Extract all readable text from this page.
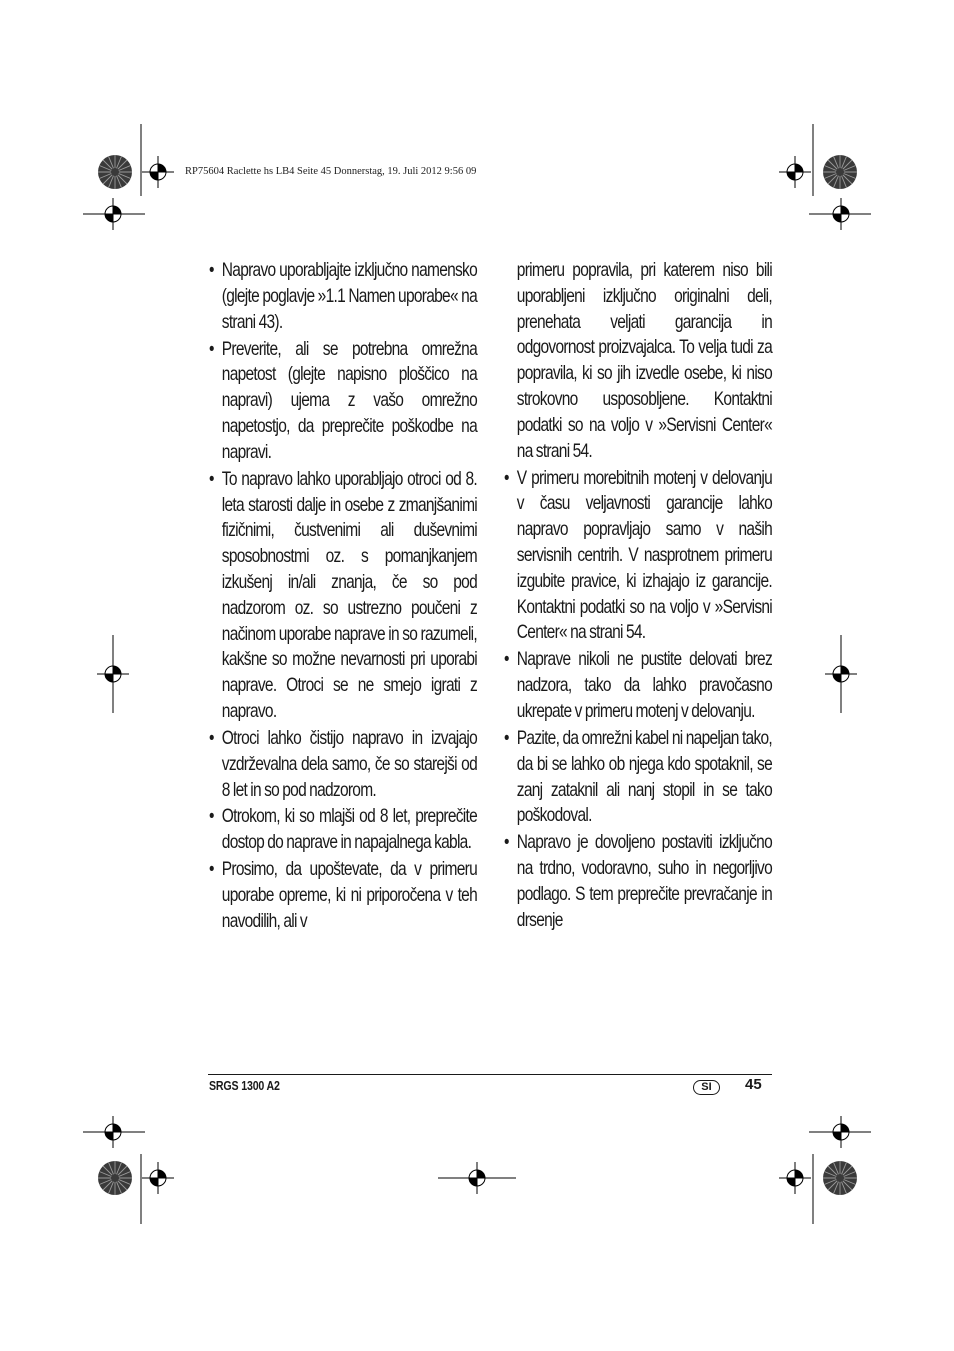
RP75604 Raclette hs LB4 Seite 45 Donnerstag, 19. Juli 2012 9:56 09

• Napravo uporabljajte izključno namensko (glejte poglavje »1.1 Namen uporabe« na strani 43).

• Preverite, ali se potrebna omrežna napetost (glejte napisno ploščico na napravi) ujema z vašo omrežno napetostjo, da preprečite poškodbe na napravi.

• To napravo lahko uporabljajo otroci od 8. leta starosti dalje in osebe z zmanjšanimi fizičnimi, čustvenimi ali duševnimi sposobnostmi oz. s pomanjkanjem izkušenj in/ali znanja, če so pod nadzorom oz. so ustrezno poučeni z načinom uporabe naprave in so razumeli, kakšne so možne nevarnosti pri uporabi naprave. Otroci se ne smejo igrati z napravo.

• Otroci lahko čistijo napravo in izvajajo vzdrževalna dela samo, če so starejši od 8 let in so pod nadzorom.

• Otrokom, ki so mlajši od 8 let, preprečite dostop do naprave in napajalnega kabla.

• Prosimo, da upoštevate, da v primeru uporabe opreme, ki ni priporočena v teh navodilih, ali v

primeru popravila, pri katerem niso bili uporabljeni izključno originalni deli, prenehata veljati garancija in odgovornost proizvajalca. To velja tudi za popravila, ki so jih izvedle osebe, ki niso strokovno usposobljene. Kontaktni podatki so na voljo v »Servisni Center« na strani 54.

• V primeru morebitnih motenj v delovanju v času veljavnosti garancije lahko napravo popravljajo samo v naših servisnih centrih. V nasprotnem primeru izgubite pravice, ki izhajajo iz garancije. Kontaktni podatki so na voljo v »Servisni Center« na strani 54.

• Naprave nikoli ne pustite delovati brez nadzora, tako da lahko pravočasno ukrepate v primeru motenj v delovanju.

• Pazite, da omrežni kabel ni napeljan tako, da bi se lahko ob njega kdo spotaknil, se zanj zataknil ali nanj stopil in se tako poškodoval.

• Napravo je dovoljeno postaviti izključno na trdno, vodoravno, suho in negorljivo podlago. S tem preprečite prevračanje in drsenje

SRGS 1300 A2	SI	45
